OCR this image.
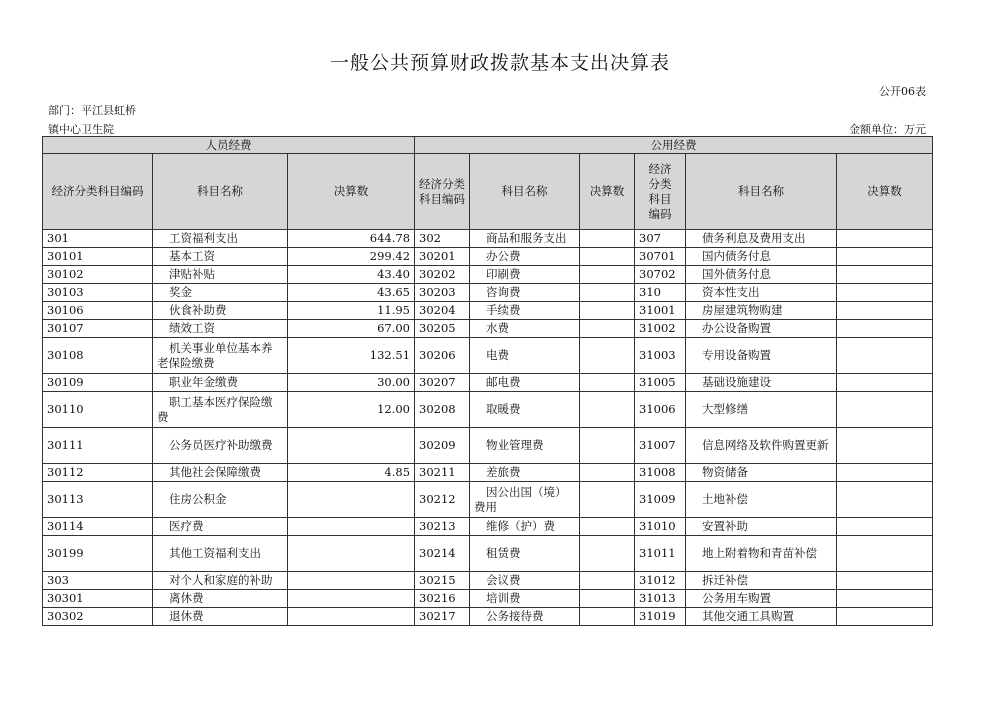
一般公共预算财政拨款基本支出决算表
公开06表
部门：平江县虹桥
镇中心卫生院	金额单位：万元
人员经费			公用经费					
经济分类科目编码	科目名称	决算数	经济分类科目编码	科目名称	决算数	经济分类科目编码	科目名称	决算数
301	工资福利支出	644.78	302	商品和服务支出		307	债务利息及费用支出	
30101	基本工资	299.42	30201	办公费		30701	国内债务付息	
30102	津贴补贴	43.40	30202	印刷费		30702	国外债务付息	
30103	奖金	43.65	30203	咨询费		310	资本性支出	
30106	伙食补助费	11.95	30204	手续费		31001	房屋建筑物购建	
30107	绩效工资	67.00	30205	水费		31002	办公设备购置	
30108	机关事业单位基本养老保险缴费	132.51	30206	电费		31003	专用设备购置	
30109	职业年金缴费	30.00	30207	邮电费		31005	基础设施建设	
30110	职工基本医疗保险缴费	12.00	30208	取暖费		31006	大型修缮	
30111	公务员医疗补助缴费		30209	物业管理费		31007	信息网络及软件购置更新	
30112	其他社会保障缴费	4.85	30211	差旅费		31008	物资储备	
30113	住房公积金		30212	因公出国（境）费用		31009	土地补偿	
30114	医疗费		30213	维修（护）费		31010	安置补助	
30199	其他工资福利支出		30214	租赁费		31011	地上附着物和青苗补偿	
303	对个人和家庭的补助		30215	会议费		31012	拆迁补偿	
30301	离休费		30216	培训费		31013	公务用车购置	
30302	退休费		30217	公务接待费		31019	其他交通工具购置	
